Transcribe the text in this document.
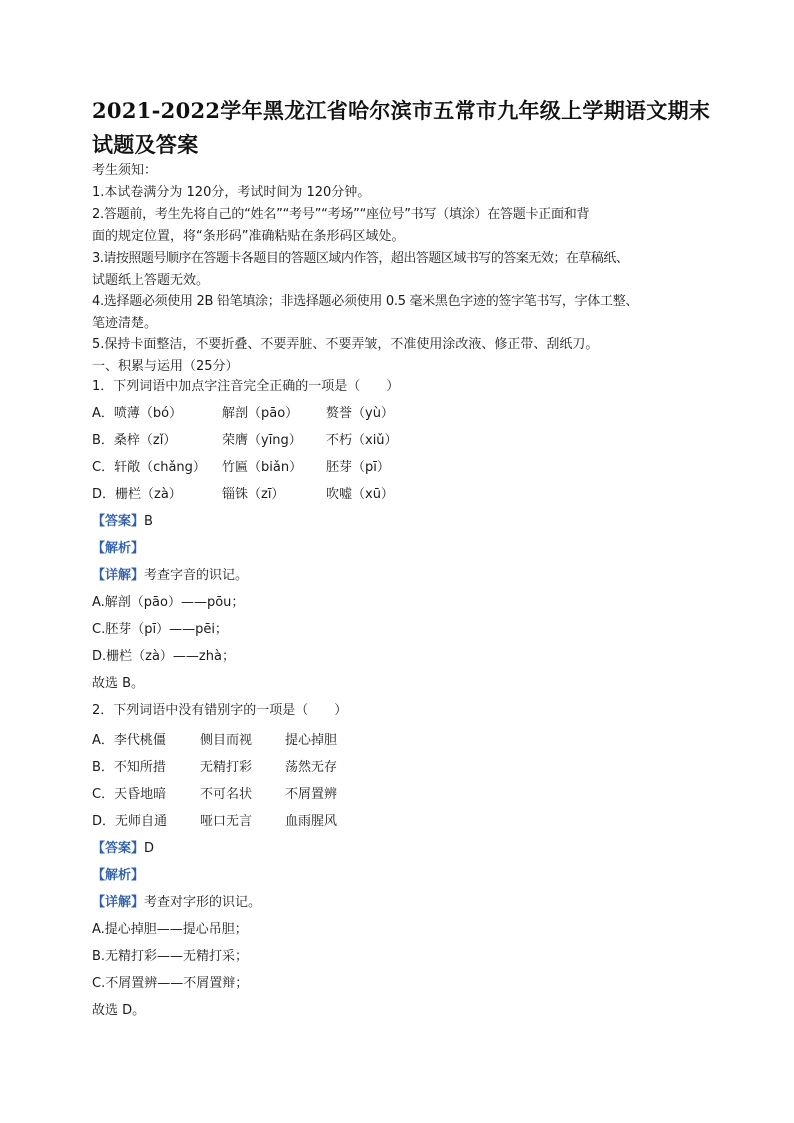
2021-2022学年黑龙江省哈尔滨市五常市九年级上学期语文期末
试题及答案
考生须知：
1.本试卷满分为 120分，考试时间为 120分钟。
2.答题前，考生先将自己的“姓名”“考号”“考场”“座位号”书写（填涂）在答题卡正面和背
面的规定位置，将“条形码”准确粘贴在条形码区域处。
3.请按照题号顺序在答题卡各题目的答题区域内作答，超出答题区域书写的答案无效；在草稿纸、
试题纸上答题无效。
4.选择题必须使用 2B 铅笔填涂；非选择题必须使用 0.5 毫米黑色字迹的签字笔书写，字体工整、
笔迹清楚。
5.保持卡面整洁，不要折叠、不要弄脏、不要弄皱，不准使用涂改液、修正带、刮纸刀。
一、积累与运用（25分）
1．下列词语中加点字注音完全正确的一项是（　　）
A．喷薄（bó）	解剖（pāo） 赘誉（yù）
B．桑梓（zǐ）	荣膺（yīng） 不朽（xiǔ）
C．轩敞（chǎng） 竹匾（biǎn） 胚芽（pī）
D．栅栏（zà）	锱铢（zī）	吹嘘（xū）
【答案】B
【解析】
【详解】考查字音的识记。
A.解剖（pāo）——pōu；
C.胚芽（pī）——pēi；
D.栅栏（zà）——zhà；
故选 B。
2．下列词语中没有错别字的一项是（　　）
A．李代桃僵	侧目而视	提心掉胆
B．不知所措	无精打彩	荡然无存
C．天昏地暗	不可名状	不屑置辨
D．无师自通	哑口无言	血雨腥风
【答案】D
【解析】
【详解】考查对字形的识记。
A.提心掉胆——提心吊胆；
B.无精打彩——无精打采；
C.不屑置辨——不屑置辩；
故选 D。
